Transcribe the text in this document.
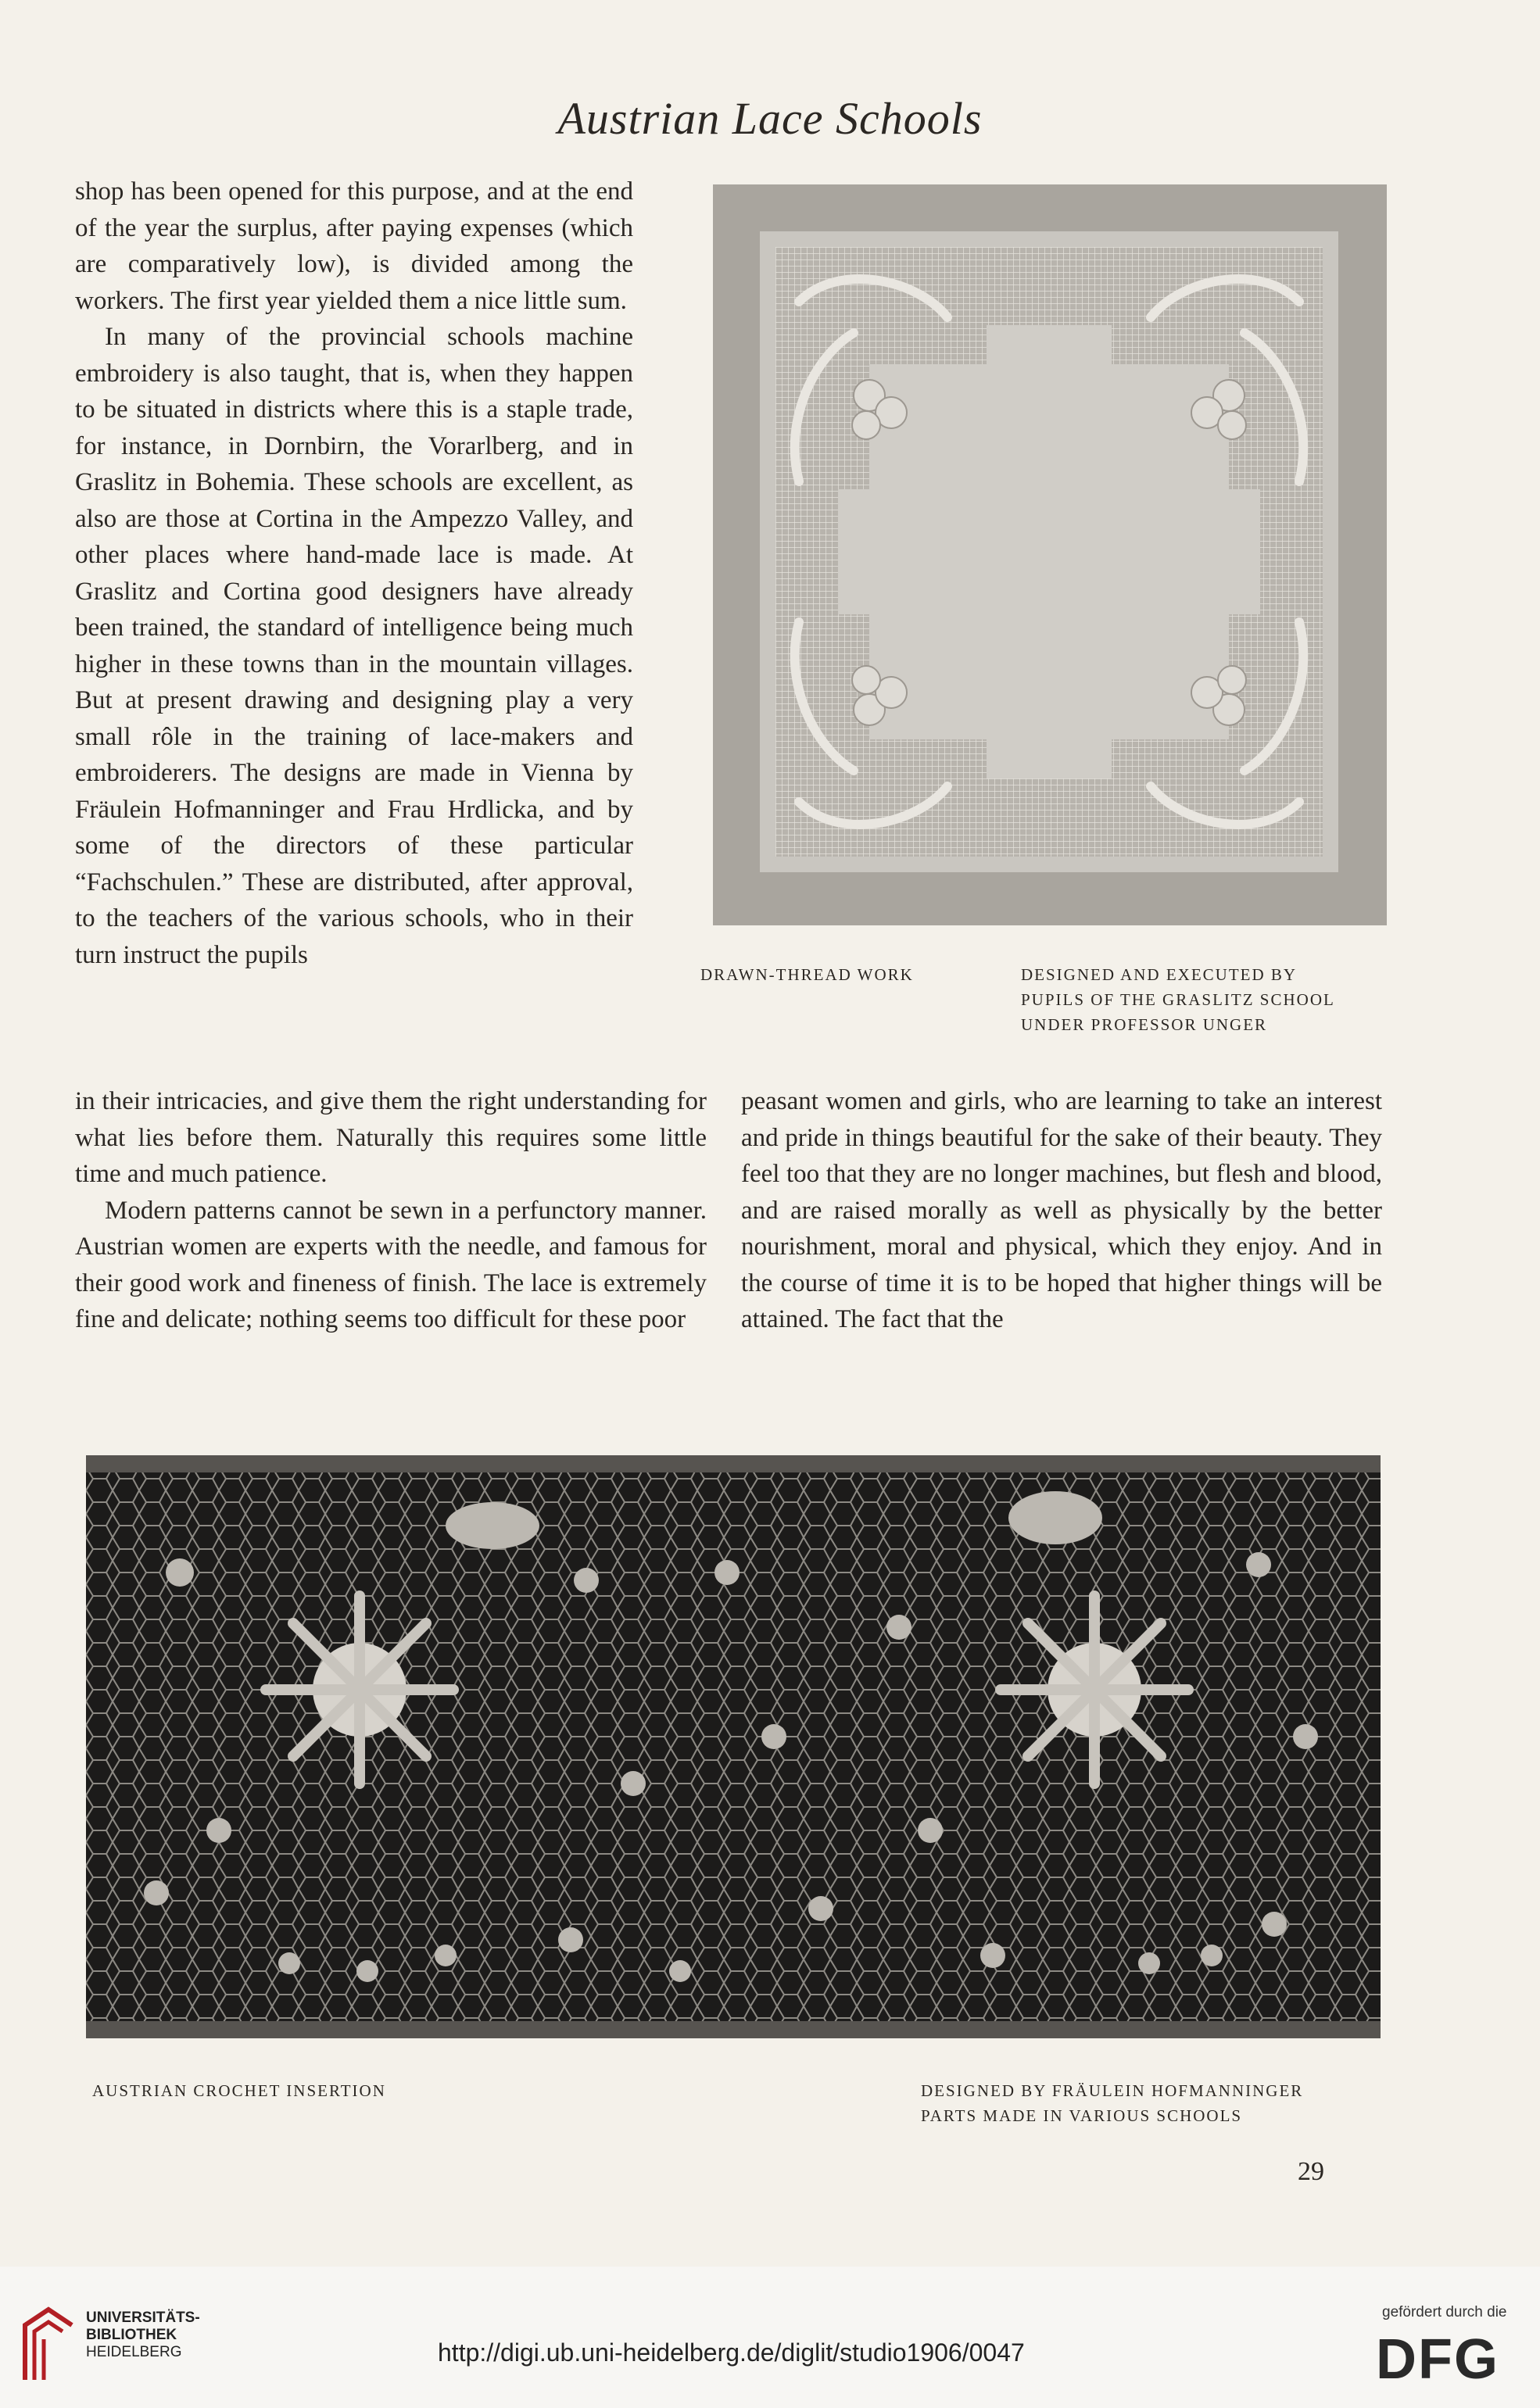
Austrian Lace Schools

shop has been opened for this purpose, and at the end of the year the surplus, after paying expenses (which are comparatively low), is divided among the workers. The first year yielded them a nice little sum.

In many of the provincial schools machine embroidery is also taught, that is, when they happen to be situated in districts where this is a staple trade, for instance, in Dornbirn, the Vorarlberg, and in Graslitz in Bohemia. These schools are excellent, as also are those at Cortina in the Ampezzo Valley, and other places where hand-made lace is made. At Graslitz and Cortina good designers have already been trained, the standard of intelligence being much higher in these towns than in the mountain villages. But at present drawing and designing play a very small rôle in the training of lace-makers and embroiderers. The designs are made in Vienna by Fräulein Hofmanninger and Frau Hrdlicka, and by some of the directors of these particular “Fachschulen.” These are distributed, after approval, to the teachers of the various schools, who in their turn instruct the pupils

in their intricacies, and give them the right understanding for what lies before them. Naturally this requires some little time and much patience.

Modern patterns cannot be sewn in a perfunctory manner. Austrian women are experts with the needle, and famous for their good work and fineness of finish. The lace is extremely fine and delicate; nothing seems too difficult for these poor

peasant women and girls, who are learning to take an interest and pride in things beautiful for the sake of their beauty. They feel too that they are no longer machines, but flesh and blood, and are raised morally as well as physically by the better nourishment, moral and physical, which they enjoy. And in the course of time it is to be hoped that higher things will be attained. The fact that the

DRAWN-THREAD WORK	DESIGNED AND EXECUTED BY
PUPILS OF THE GRASLITZ SCHOOL
UNDER PROFESSOR UNGER
AUSTRIAN CROCHET INSERTION	DESIGNED BY FRÄULEIN HOFMANNINGER
PARTS MADE IN VARIOUS SCHOOLS
29
UNIVERSITÄTS-
BIBLIOTHEK
HEIDELBERG	http://digi.ub.uni-heidelberg.de/diglit/studio1906/0047
gefördert durch die
DFG
